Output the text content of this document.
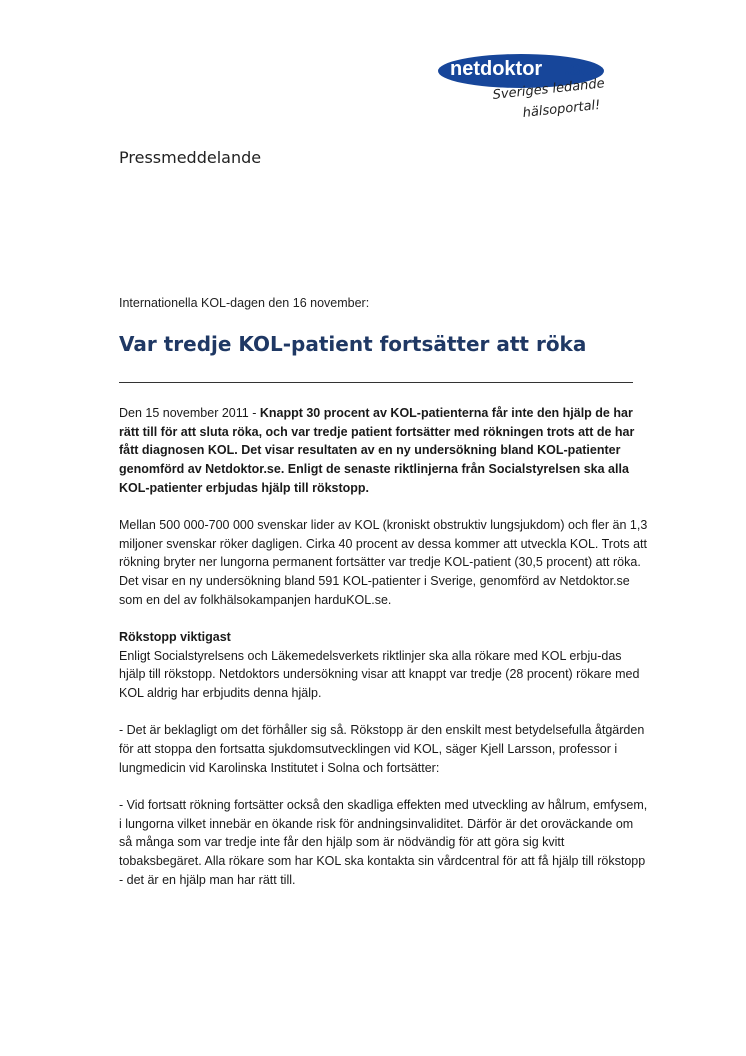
netdoktor .se
Sveriges ledande
hälsoportal!
Pressmeddelande
Internationella KOL-dagen den 16 november:
Var tredje KOL-patient fortsätter att röka

Den 15 november 2011 - Knappt 30 procent av KOL-patienterna får inte den hjälp de har rätt till för att sluta röka, och var tredje patient fortsätter med rökningen trots att de har fått diagnosen KOL. Det visar resultaten av en ny undersökning bland KOL-patienter genomförd av Netdoktor.se. Enligt de senaste riktlinjerna från Socialstyrelsen ska alla KOL-patienter erbjudas hjälp till rökstopp.

Mellan 500 000-700 000 svenskar lider av KOL (kroniskt obstruktiv lungsjukdom) och fler än 1,3 miljoner svenskar röker dagligen. Cirka 40 procent av dessa kommer att utveckla KOL. Trots att rökning bryter ner lungorna permanent fortsätter var tredje KOL-patient (30,5 procent) att röka. Det visar en ny undersökning bland 591 KOL-patienter i Sverige, genomförd av Netdoktor.se som en del av folkhälsokampanjen harduKOL.se.

Rökstopp viktigast

Enligt Socialstyrelsens och Läkemedelsverkets riktlinjer ska alla rökare med KOL erbju-das hjälp till rökstopp. Netdoktors undersökning visar att knappt var tredje (28 procent) rökare med KOL aldrig har erbjudits denna hjälp.

- Det är beklagligt om det förhåller sig så. Rökstopp är den enskilt mest betydelsefulla åtgärden för att stoppa den fortsatta sjukdomsutvecklingen vid KOL, säger Kjell Larsson, professor i lungmedicin vid Karolinska Institutet i Solna och fortsätter:

- Vid fortsatt rökning fortsätter också den skadliga effekten med utveckling av hålrum, emfysem, i lungorna vilket innebär en ökande risk för andningsinvaliditet. Därför är det oroväckande om så många som var tredje inte får den hjälp som är nödvändig för att göra sig kvitt tobaksbegäret. Alla rökare som har KOL ska kontakta sin vårdcentral för att få hjälp till rökstopp - det är en hjälp man har rätt till.
